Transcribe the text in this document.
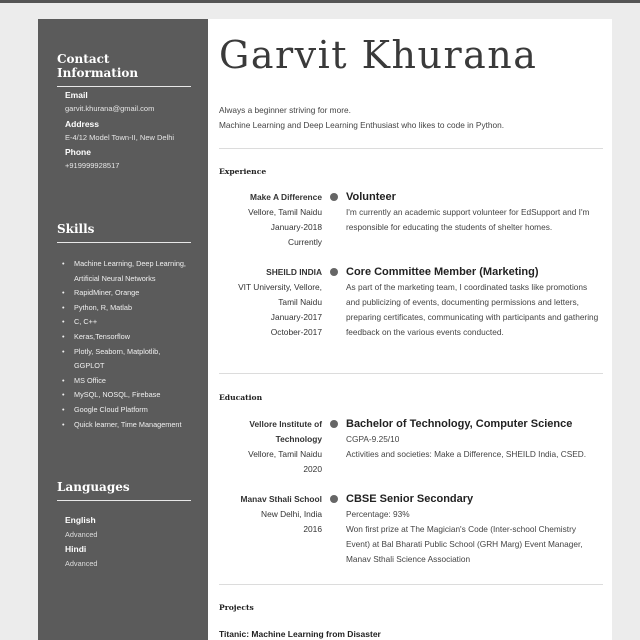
Contact Information
Email
garvit.khurana@gmail.com
Address
E-4/12 Model Town-II, New Delhi
Phone
+919999928517
Skills
• Machine Learning, Deep Learning, Artificial Neural Networks
• RapidMiner, Orange
• Python, R, Matlab
• C, C++
• Keras,Tensorflow
• Plotly, Seaborn, Matplotlib, GGPLOT
• MS Office
• MySQL, NOSQL, Firebase
• Google Cloud Platform
• Quick learner, Time Management
Languages
English
Advanced
Hindi
Advanced
Garvit Khurana
Always a beginner striving for more.
Machine Learning and Deep Learning Enthusiast who likes to code in Python.
Experience
Make A Difference
Vellore, Tamil Naidu
January-2018
Currently
Volunteer
I'm currently an academic support volunteer for EdSupport and I'm responsible for educating the students of shelter homes.
SHEILD INDIA
VIT University, Vellore, Tamil Naidu
January-2017
October-2017
Core Committee Member (Marketing)
As part of the marketing team, I coordinated tasks like promotions and publicizing of events, documenting permissions and letters, preparing certificates, communicating with participants and gathering feedback on the various events conducted.
Education
Vellore Institute of Technology
Vellore, Tamil Naidu
2020
Bachelor of Technology, Computer Science
CGPA-9.25/10
Activities and societies: Make a Difference, SHEILD India, CSED.
Manav Sthali School
New Delhi, India
2016
CBSE Senior Secondary
Percentage: 93%
Won first prize at The Magician's Code (Inter-school Chemistry Event) at Bal Bharati Public School (GRH Marg) Event Manager, Manav Sthali Science Association
Projects
Titanic: Machine Learning from Disaster
